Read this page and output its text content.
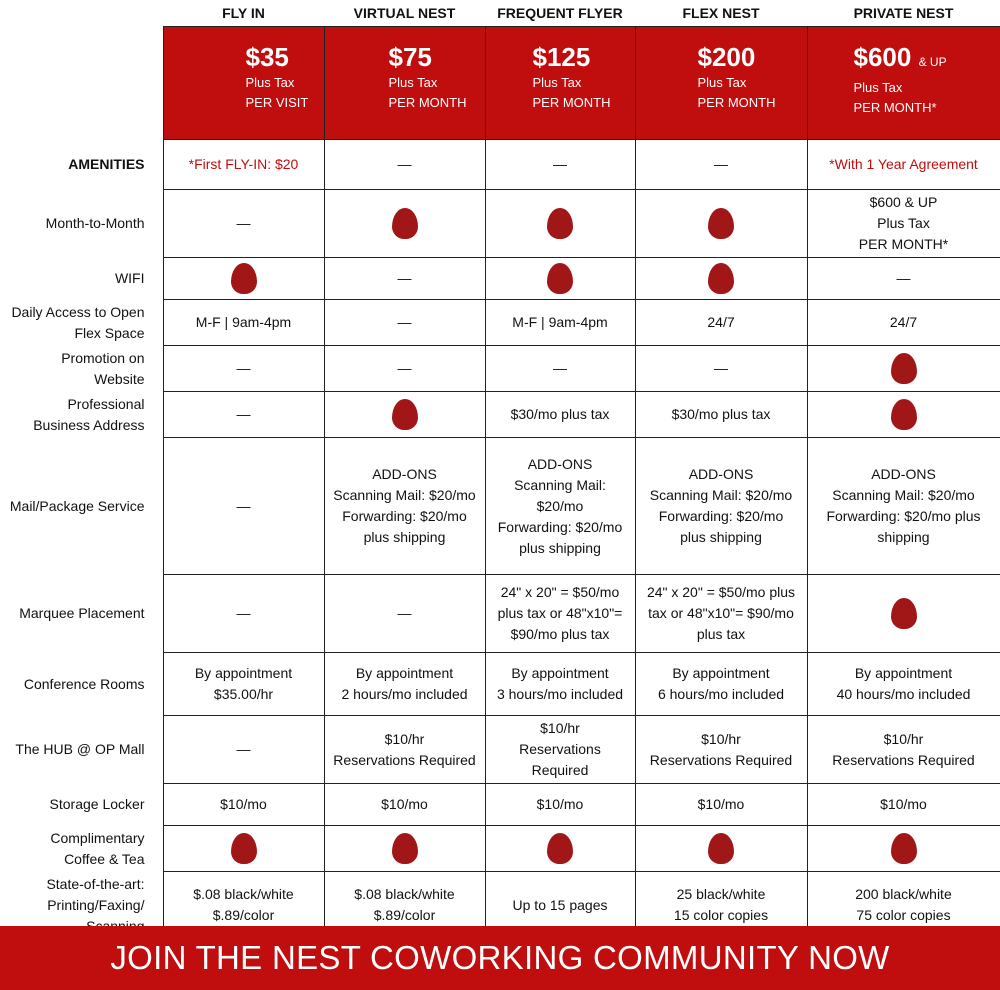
	FLY IN	VIRTUAL NEST	FREQUENT FLYER	FLEX NEST	PRIVATE NEST

	$35
Plus Tax
PER VISIT	$75
Plus Tax
PER MONTH	$125
Plus Tax
PER MONTH	$200
Plus Tax
PER MONTH	$600 & UP
Plus Tax
PER MONTH*

AMENITIES	*First FLY-IN: $20	—	—	—	*With 1 Year Agreement
Month-to-Month	—				$600 & UP
Plus Tax
PER MONTH*
WIFI		—			—
Daily Access to Open
Flex Space	M-F | 9am-4pm	—	M-F | 9am-4pm	24/7	24/7
Promotion on
Website	—	—	—	—	
Professional
Business Address	—		$30/mo plus tax	$30/mo plus tax	
Mail/Package Service	—	ADD-ONS
Scanning Mail: $20/mo
Forwarding: $20/mo
plus shipping	ADD-ONS
Scanning Mail:
$20/mo
Forwarding: $20/mo
plus shipping	ADD-ONS
Scanning Mail: $20/mo
Forwarding: $20/mo
plus shipping	ADD-ONS
Scanning Mail: $20/mo
Forwarding: $20/mo plus
shipping
Marquee Placement	—	—	24" x 20" = $50/mo
plus tax or 48"x10"=
$90/mo plus tax	24" x 20" = $50/mo plus
tax or 48"x10"= $90/mo
plus tax	
Conference Rooms	By appointment
$35.00/hr	By appointment
2 hours/mo included	By appointment
3 hours/mo included	By appointment
6 hours/mo included	By appointment
40 hours/mo included
The HUB @ OP Mall	—	$10/hr
Reservations Required	$10/hr
Reservations
Required	$10/hr
Reservations Required	$10/hr
Reservations Required
Storage Locker	$10/mo	$10/mo	$10/mo	$10/mo	$10/mo
Complimentary
Coffee & Tea					
State-of-the-art:
Printing/Faxing/	$.08 black/white
$.89/color	$.08 black/white
$.89/color	Up to 15 pages	25 black/white
15 color copies	200 black/white
75 color copies
JOIN THE NEST COWORKING COMMUNITY NOW
